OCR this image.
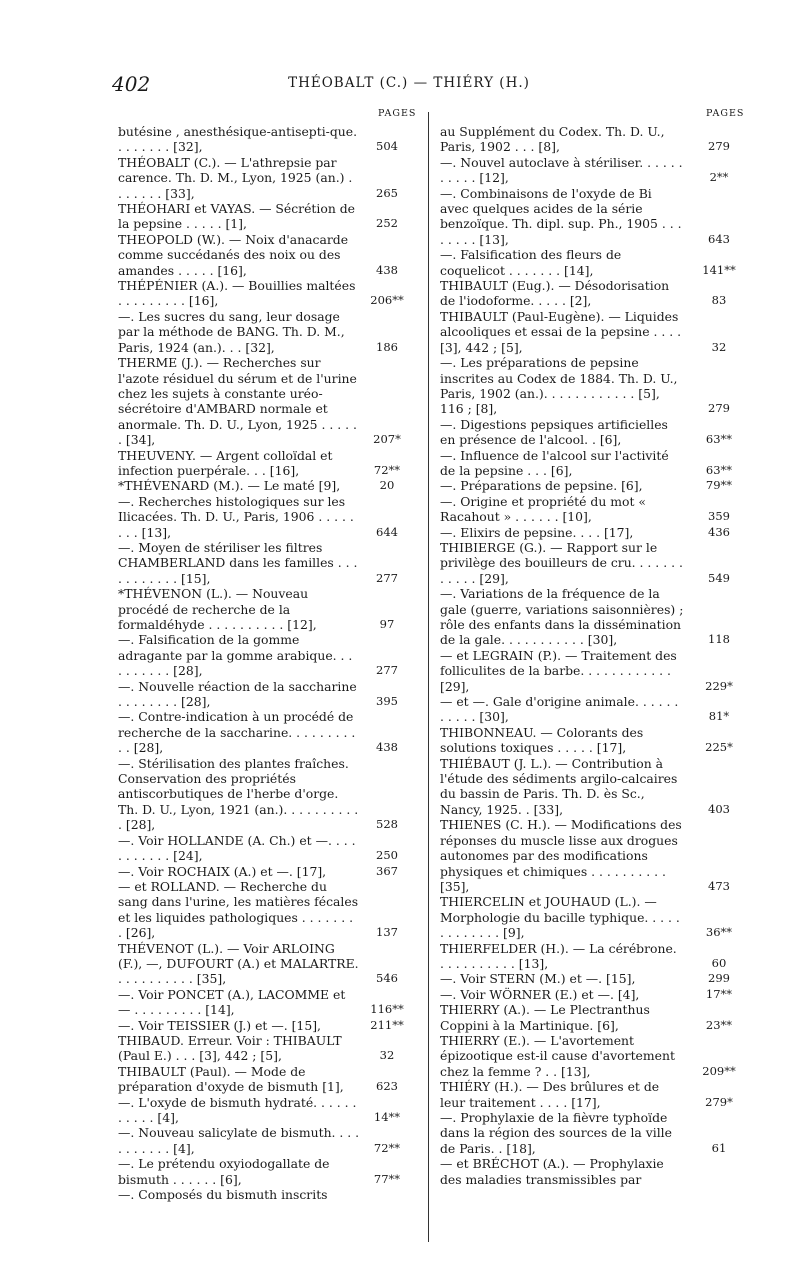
402	THÉOBALT (C.) — THIÉRY (H.)
PAGES
butésine , anesthésique-antisepti-que. . . . . . . . [32],	504
THÉOBALT (C.). — L'athrepsie par carence. Th. D. M., Lyon, 1925 (an.) . . . . . . . [33],	265
THÉOHARI et VAYAS. — Sécrétion de la pepsine . . . . . [1],	252
THEOPOLD (W.). — Noix d'anacarde comme succédanés des noix ou des amandes . . . . . [16],	438
THÉPÉNIER (A.). — Bouillies maltées . . . . . . . . . [16],	206**
—. Les sucres du sang, leur dosage par la méthode de BANG. Th. D. M., Paris, 1924 (an.). . . [32],	186
THERME (J.). — Recherches sur l'azote résiduel du sérum et de l'urine chez les sujets à constante uréo-sécrétoire d'AMBARD normale et anormale. Th. D. U., Lyon, 1925 . . . . . . [34],	207*
THEUVENY. — Argent colloïdal et infection puerpérale. . . [16],	72**
*THÉVENARD (M.). — Le maté [9],	20
—. Recherches histologiques sur les Ilicacées. Th. D. U., Paris, 1906 . . . . . . . . [13],	644
—. Moyen de stériliser les filtres CHAMBERLAND dans les familles . . . . . . . . . . . [15],	277
*THÉVENON (L.). — Nouveau procédé de recherche de la formaldéhyde . . . . . . . . . . [12],	97
—. Falsification de la gomme adragante par la gomme arabique. . . . . . . . . . [28],	277
—. Nouvelle réaction de la saccharine . . . . . . . . [28],	395
—. Contre-indication à un procédé de recherche de la saccharine. . . . . . . . . . . [28],	438
—. Stérilisation des plantes fraîches. Conservation des propriétés antiscorbutiques de l'herbe d'orge. Th. D. U., Lyon, 1921 (an.). . . . . . . . . . . [28],	528
—. Voir HOLLANDE (A. Ch.) et —. . . . . . . . . . . [24],	250
—. Voir ROCHAIX (A.) et —. [17],	367
— et ROLLAND. — Recherche du sang dans l'urine, les matières fécales et les liquides pathologiques . . . . . . . . [26],	137
THÉVENOT (L.). — Voir ARLOING (F.), —, DUFOURT (A.) et MALARTRE. . . . . . . . . . . [35],	546
—. Voir PONCET (A.), LACOMME et — . . . . . . . . . [14],	116**
—. Voir TEISSIER (J.) et —. [15],	211**
THIBAUD. Erreur. Voir : THIBAULT (Paul E.) . . . [3], 442 ; [5],	32
THIBAULT (Paul). — Mode de préparation d'oxyde de bismuth [1],	623
—. L'oxyde de bismuth hydraté. . . . . . . . . . . [4],	14**
—. Nouveau salicylate de bismuth. . . . . . . . . . . [4],	72**
—. Le prétendu oxyiodogallate de bismuth . . . . . . [6],	77**
—. Composés du bismuth inscrits
PAGES
au Supplément du Codex. Th. D. U., Paris, 1902 . . . [8],	279
—. Nouvel autoclave à stériliser. . . . . . . . . . . [12],	2**
—. Combinaisons de l'oxyde de Bi avec quelques acides de la série benzoïque. Th. dipl. sup. Ph., 1905 . . . . . . . . [13],	643
—. Falsification des fleurs de coquelicot . . . . . . . [14],	141**
THIBAULT (Eug.). — Désodorisation de l'iodoforme. . . . . [2],	83
THIBAULT (Paul-Eugène). — Liquides alcooliques et essai de la pepsine . . . . [3], 442 ; [5],	32
—. Les préparations de pepsine inscrites au Codex de 1884. Th. D. U., Paris, 1902 (an.). . . . . . . . . . . . [5], 116 ; [8],	279
—. Digestions pepsiques artificielles en présence de l'alcool. . [6],	63**
—. Influence de l'alcool sur l'activité de la pepsine . . . [6],	63**
—. Préparations de pepsine. [6],	79**
—. Origine et propriété du mot « Racahout » . . . . . . [10],	359
—. Elixirs de pepsine. . . . [17],	436
THIBIERGE (G.). — Rapport sur le privilège des bouilleurs de cru. . . . . . . . . . . . [29],	549
—. Variations de la fréquence de la gale (guerre, variations saisonnières) ; rôle des enfants dans la dissémination de la gale. . . . . . . . . . . [30],	118
— et LEGRAIN (P.). — Traitement des folliculites de la barbe. . . . . . . . . . . . [29],	229*
— et —. Gale d'origine animale. . . . . . . . . . . [30],	81*
THIBONNEAU. — Colorants des solutions toxiques . . . . . [17],	225*
THIÉBAUT (J. L.). — Contribution à l'étude des sédiments argilo-calcaires du bassin de Paris. Th. D. ès Sc., Nancy, 1925. . [33],	403
THIENES (C. H.). — Modifications des réponses du muscle lisse aux drogues autonomes par des modifications physiques et chimiques . . . . . . . . . . [35],	473
THIERCELIN et JOUHAUD (L.). — Morphologie du bacille typhique. . . . . . . . . . . . . [9],	36**
THIERFELDER (H.). — La cérébrone. . . . . . . . . . . [13],	60
—. Voir STERN (M.) et —. [15],	299
—. Voir WÖRNER (E.) et —. [4],	17**
THIERRY (A.). — Le Plectranthus Coppini à la Martinique. [6],	23**
THIERRY (E.). — L'avortement épizootique est-il cause d'avortement chez la femme ? . . [13],	209**
THIÉRY (H.). — Des brûlures et de leur traitement . . . . [17],	279*
—. Prophylaxie de la fièvre typhoïde dans la région des sources de la ville de Paris. . [18],	61
— et BRÉCHOT (A.). — Prophylaxie des maladies transmissibles par
